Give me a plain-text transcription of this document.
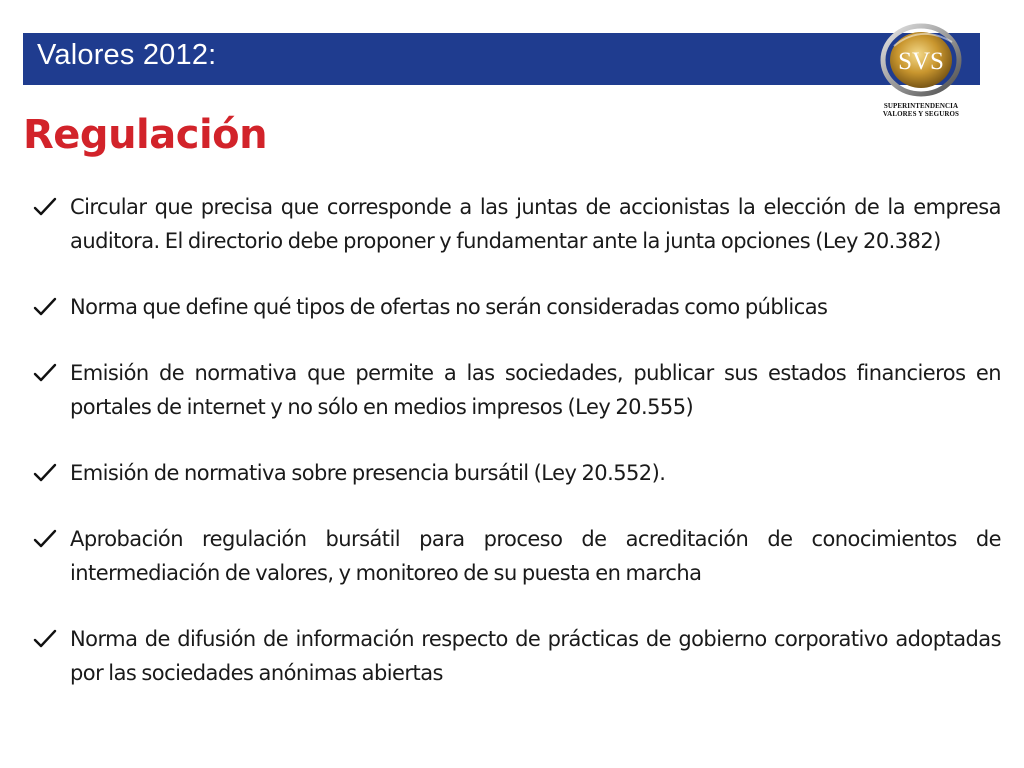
Valores 2012:	SVS
SUPERINTENDENCIA
VALORES Y SEGUROS
Regulación
Circular que precisa que corresponde a las juntas de accionistas la elección de la empresa auditora. El directorio debe proponer y fundamentar ante la junta opciones (Ley 20.382)
Norma que define qué tipos de ofertas no serán consideradas como públicas
Emisión de normativa que permite a las sociedades, publicar sus estados financieros en portales de internet y no sólo en medios impresos (Ley 20.555)
Emisión de normativa sobre presencia bursátil (Ley 20.552).
Aprobación regulación bursátil para proceso de acreditación de conocimientos de intermediación de valores, y monitoreo de su puesta en marcha
Norma de difusión de información respecto de prácticas de gobierno corporativo adoptadas por las sociedades anónimas abiertas
